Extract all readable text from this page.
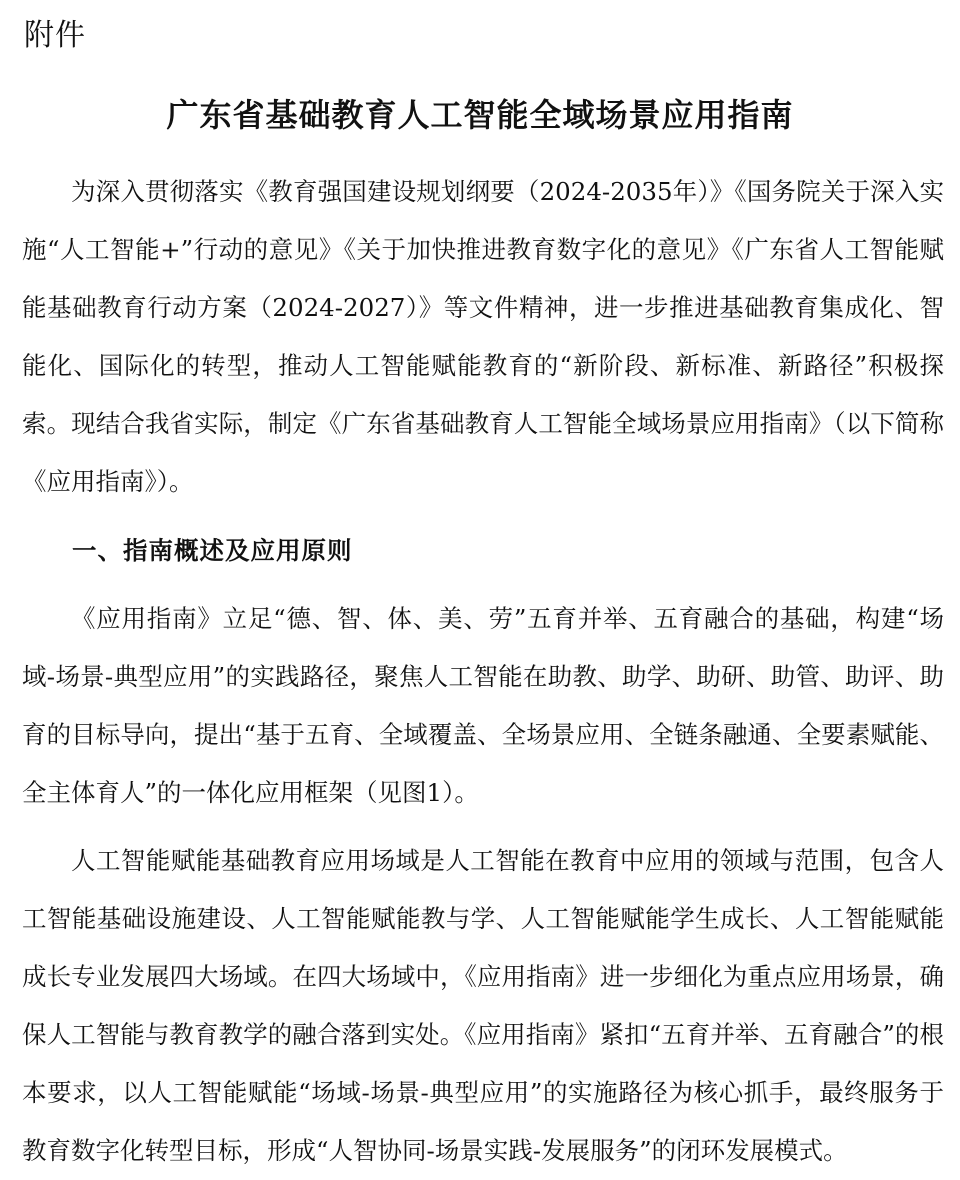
附件
广东省基础教育人工智能全域场景应用指南

为深入贯彻落实《教育强国建设规划纲要（2024-2035年）》《国务院关于深入实施“人工智能+”行动的意见》《关于加快推进教育数字化的意见》《广东省人工智能赋能基础教育行动方案（2024-2027）》等文件精神，进一步推进基础教育集成化、智能化、国际化的转型，推动人工智能赋能教育的“新阶段、新标准、新路径”积极探索。现结合我省实际，制定《广东省基础教育人工智能全域场景应用指南》（以下简称《应用指南》）。

一、指南概述及应用原则

《应用指南》立足“德、智、体、美、劳”五育并举、五育融合的基础，构建“场域-场景-典型应用”的实践路径，聚焦人工智能在助教、助学、助研、助管、助评、助育的目标导向，提出“基于五育、全域覆盖、全场景应用、全链条融通、全要素赋能、全主体育人”的一体化应用框架（见图1）。

人工智能赋能基础教育应用场域是人工智能在教育中应用的领域与范围，包含人工智能基础设施建设、人工智能赋能教与学、人工智能赋能学生成长、人工智能赋能成长专业发展四大场域。在四大场域中，《应用指南》进一步细化为重点应用场景，确保人工智能与教育教学的融合落到实处。《应用指南》紧扣“五育并举、五育融合”的根本要求，以人工智能赋能“场域-场景-典型应用”的实施路径为核心抓手，最终服务于教育数字化转型目标，形成“人智协同-场景实践-发展服务”的闭环发展模式。
